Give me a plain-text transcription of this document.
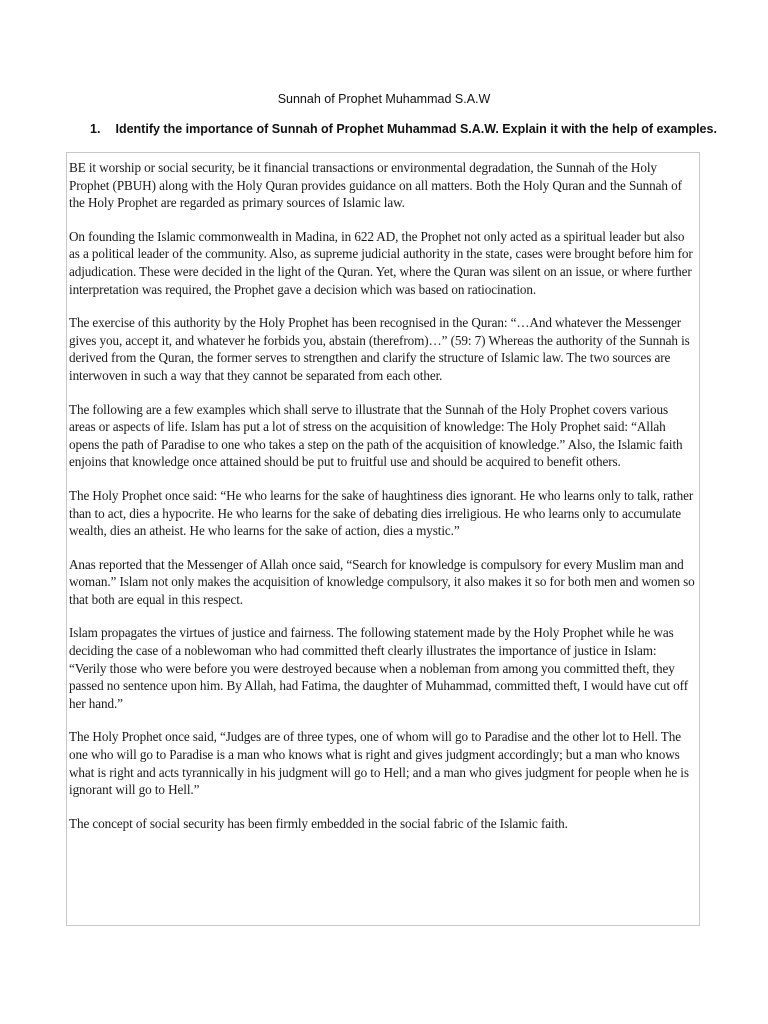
Sunnah of Prophet Muhammad S.A.W
1. Identify the importance of Sunnah of Prophet Muhammad S.A.W. Explain it with the help of examples.

BE it worship or social security, be it financial transactions or environmental degradation, the Sunnah of the Holy Prophet (PBUH) along with the Holy Quran provides guidance on all matters. Both the Holy Quran and the Sunnah of the Holy Prophet are regarded as primary sources of Islamic law.

On founding the Islamic commonwealth in Madina, in 622 AD, the Prophet not only acted as a spiritual leader but also as a political leader of the community. Also, as supreme judicial authority in the state, cases were brought before him for adjudication. These were decided in the light of the Quran. Yet, where the Quran was silent on an issue, or where further interpretation was required, the Prophet gave a decision which was based on ratiocination.

The exercise of this authority by the Holy Prophet has been recognised in the Quran: “…And whatever the Messenger gives you, accept it, and whatever he forbids you, abstain (therefrom)…” (59: 7) Whereas the authority of the Sunnah is derived from the Quran, the former serves to strengthen and clarify the structure of Islamic law. The two sources are interwoven in such a way that they cannot be separated from each other.

The following are a few examples which shall serve to illustrate that the Sunnah of the Holy Prophet covers various areas or aspects of life. Islam has put a lot of stress on the acquisition of knowledge: The Holy Prophet said: “Allah opens the path of Paradise to one who takes a step on the path of the acquisition of knowledge.” Also, the Islamic faith enjoins that knowledge once attained should be put to fruitful use and should be acquired to benefit others.

The Holy Prophet once said: “He who learns for the sake of haughtiness dies ignorant. He who learns only to talk, rather than to act, dies a hypocrite. He who learns for the sake of debating dies irreligious. He who learns only to accumulate wealth, dies an atheist. He who learns for the sake of action, dies a mystic.”

Anas reported that the Messenger of Allah once said, “Search for knowledge is compulsory for every Muslim man and woman.” Islam not only makes the acquisition of knowledge compulsory, it also makes it so for both men and women so that both are equal in this respect.

Islam propagates the virtues of justice and fairness. The following statement made by the Holy Prophet while he was deciding the case of a noblewoman who had committed theft clearly illustrates the importance of justice in Islam: “Verily those who were before you were destroyed because when a nobleman from among you committed theft, they passed no sentence upon him. By Allah, had Fatima, the daughter of Muhammad, committed theft, I would have cut off her hand.”

The Holy Prophet once said, “Judges are of three types, one of whom will go to Paradise and the other lot to Hell. The one who will go to Paradise is a man who knows what is right and gives judgment accordingly; but a man who knows what is right and acts tyrannically in his judgment will go to Hell; and a man who gives judgment for people when he is ignorant will go to Hell.”

The concept of social security has been firmly embedded in the social fabric of the Islamic faith.
